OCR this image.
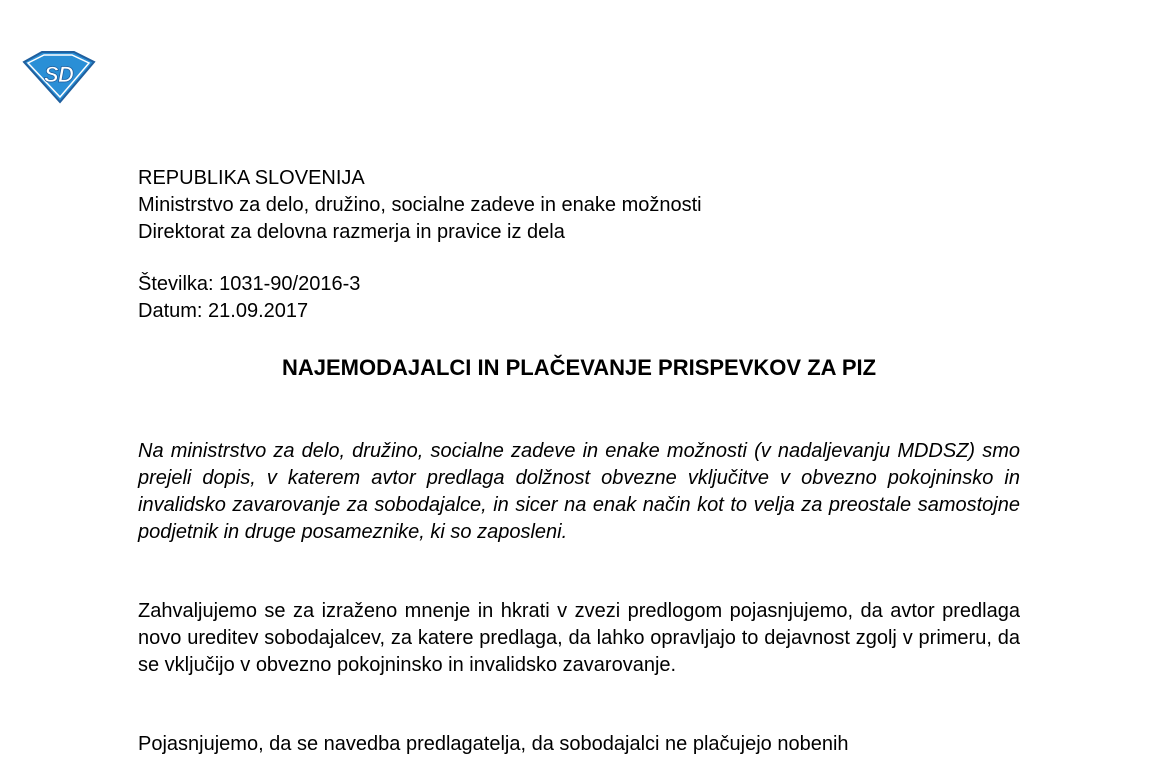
S D
REPUBLIKA SLOVENIJA
Ministrstvo za delo, družino, socialne zadeve in enake možnosti
Direktorat za delovna razmerja in pravice iz dela
Številka: 1031-90/2016-3
Datum: 21.09.2017
NAJEMODAJALCI IN PLAČEVANJE PRISPEVKOV ZA PIZ

Na ministrstvo za delo, družino, socialne zadeve in enake možnosti (v nadaljevanju MDDSZ) smo prejeli dopis, v katerem avtor predlaga dolžnost obvezne vključitve v obvezno pokojninsko in invalidsko zavarovanje za sobodajalce, in sicer na enak način kot to velja za preostale samostojne podjetnik in druge posameznike, ki so zaposleni.

Zahvaljujemo se za izraženo mnenje in hkrati v zvezi predlogom pojasnjujemo, da avtor predlaga novo ureditev sobodajalcev, za katere predlaga, da lahko opravljajo to dejavnost zgolj v primeru, da se vključijo v obvezno pokojninsko in invalidsko zavarovanje.

Pojasnjujemo, da se navedba predlagatelja, da sobodajalci ne plačujejo nobenih
